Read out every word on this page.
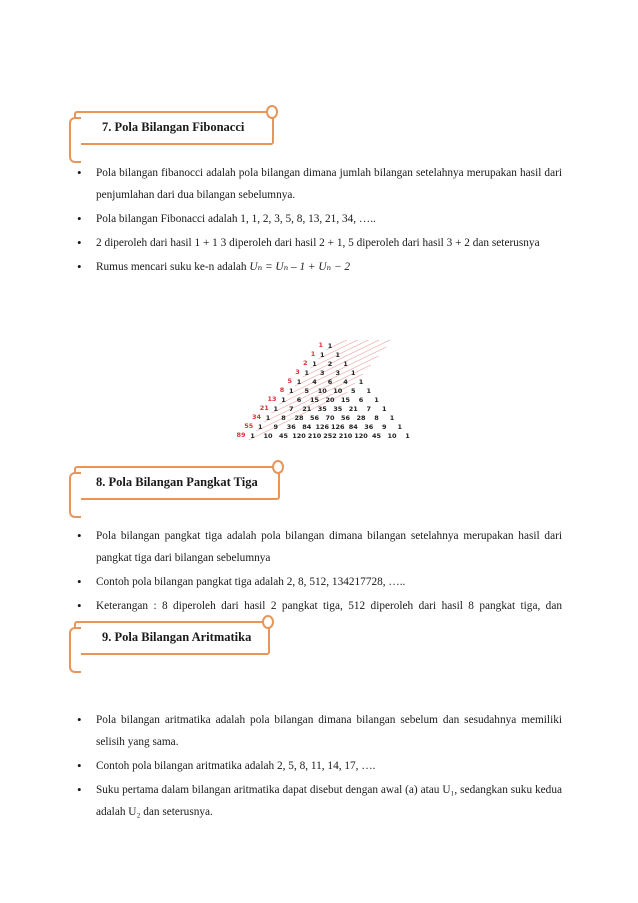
7. Pola Bilangan Fibonacci
• Pola bilangan fibanocci adalah pola bilangan dimana jumlah bilangan setelahnya merupakan hasil dari penjumlahan dari dua bilangan sebelumnya.
• Pola bilangan Fibonacci adalah 1, 1, 2, 3, 5, 8, 13, 21, 34, …..
• 2 diperoleh dari hasil 1 + 1 3 diperoleh dari hasil 2 + 1, 5 diperoleh dari hasil 3 + 2 dan seterusnya
• Rumus mencari suku ke-n adalah Uₙ = Uₙ – 1 + Uₙ − 2
1
1
1 1
1
1 2 1
2
1 3 3 1
3
1 4 6 4 1
5
1 5 10 10 5 1
8
1 6 15 20 15 6 1
13
1 7 21 35 35 21 7 1
21
1 8 28 56 70 56 28 8 1
34
1 9 36 84 126 126 84 36 9 1
55
1 10 45 120 210 252 210 120 45 10 1
89
8. Pola Bilangan Pangkat Tiga
• Pola bilangan pangkat tiga adalah pola bilangan dimana bilangan setelahnya merupakan hasil dari pangkat tiga dari bilangan sebelumnya
• Contoh pola bilangan pangkat tiga adalah 2, 8, 512, 134217728, …..
• Keterangan : 8 diperoleh dari hasil 2 pangkat tiga, 512 diperoleh dari hasil 8 pangkat tiga, dan
9. Pola Bilangan Aritmatika
• Pola bilangan aritmatika adalah pola bilangan dimana bilangan sebelum dan sesudahnya memiliki selisih yang sama.
• Contoh pola bilangan aritmatika adalah 2, 5, 8, 11, 14, 17, ….
• Suku pertama dalam bilangan aritmatika dapat disebut dengan awal (a) atau U₁, sedangkan suku kedua adalah U₂ dan seterusnya.
